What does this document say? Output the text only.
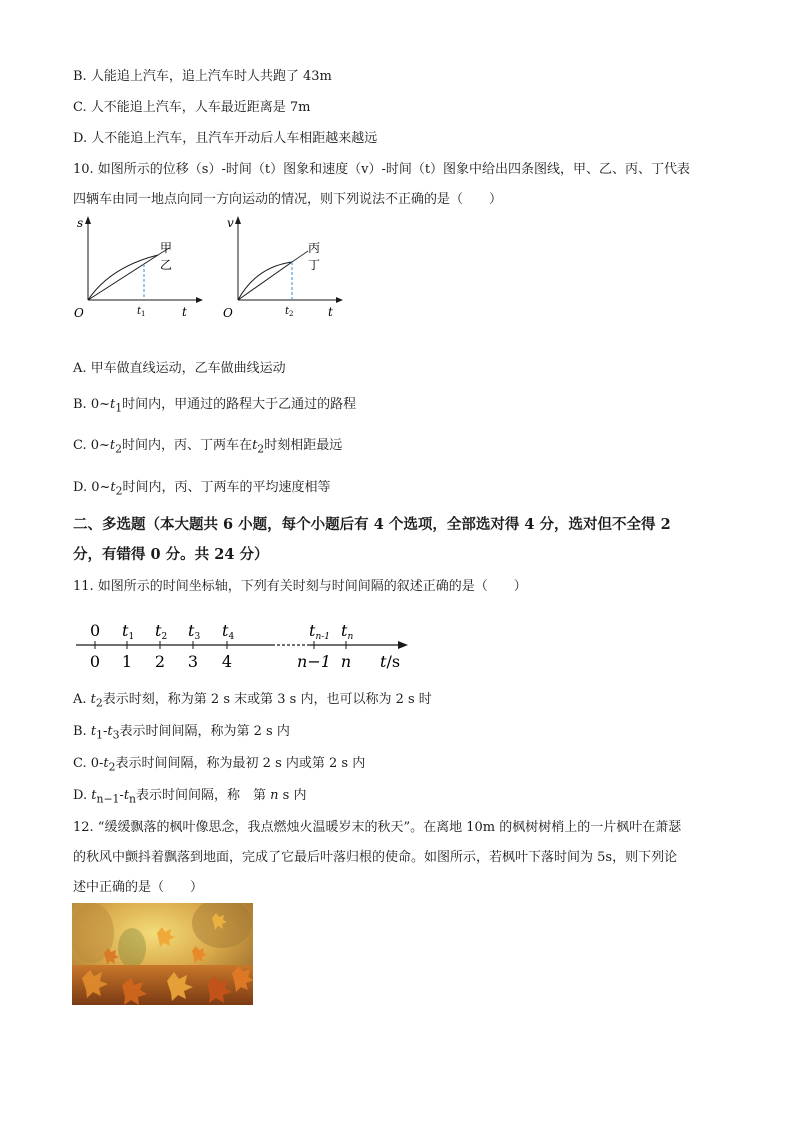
B. 人能追上汽车，追上汽车时人共跑了 43m
C. 人不能追上汽车，人车最近距离是 7m
D. 人不能追上汽车，且汽车开动后人车相距越来越远
10. 如图所示的位移（s）-时间（t）图象和速度（v）-时间（t）图象中给出四条图线，甲、乙、丙、丁代表
四辆车由同一地点向同一方向运动的情况，则下列说法不正确的是（　　）
s
t
O
甲
乙
$t_1$
v
t
O
丙
丁
$t_2$
A. 甲车做直线运动，乙车做曲线运动
B. $0\sim t_1$时间内，甲通过的路程大于乙通过的路程
C. $0\sim t_2$时间内，丙、丁两车在$t_2$时刻相距最远
D. $0\sim t_2$时间内，丙、丁两车的平均速度相等
二、多选题（本大题共 6 小题，每个小题后有 4 个选项，全部选对得 4 分，选对但不全得 2
分，有错得 0 分。共 24 分）
11. 如图所示的时间坐标轴，下列有关时刻与时间间隔的叙述正确的是（　　）
0
0
t1
1
t2
2
t3
3
t4
4
tn-1
n−1
tn
n t/s
A. $t_2$表示时刻，称为第 2 s 末或第 3 s 内，也可以称为 2 s 时
B. $t_1-t_3$表示时间间隔，称为第 2 s 内
C. $0-t_2$表示时间间隔，称为最初 2 s 内或第 2 s 内
D. $t_{n-1}-t_n$表示时间间隔，称　第 n s 内
12. “缓缓飘落的枫叶像思念，我点燃烛火温暖岁末的秋天”。在离地 10m 的枫树树梢上的一片枫叶在萧瑟
的秋风中颤抖着飘落到地面，完成了它最后叶落归根的使命。如图所示，若枫叶下落时间为 5s，则下列论
述中正确的是（　　）
